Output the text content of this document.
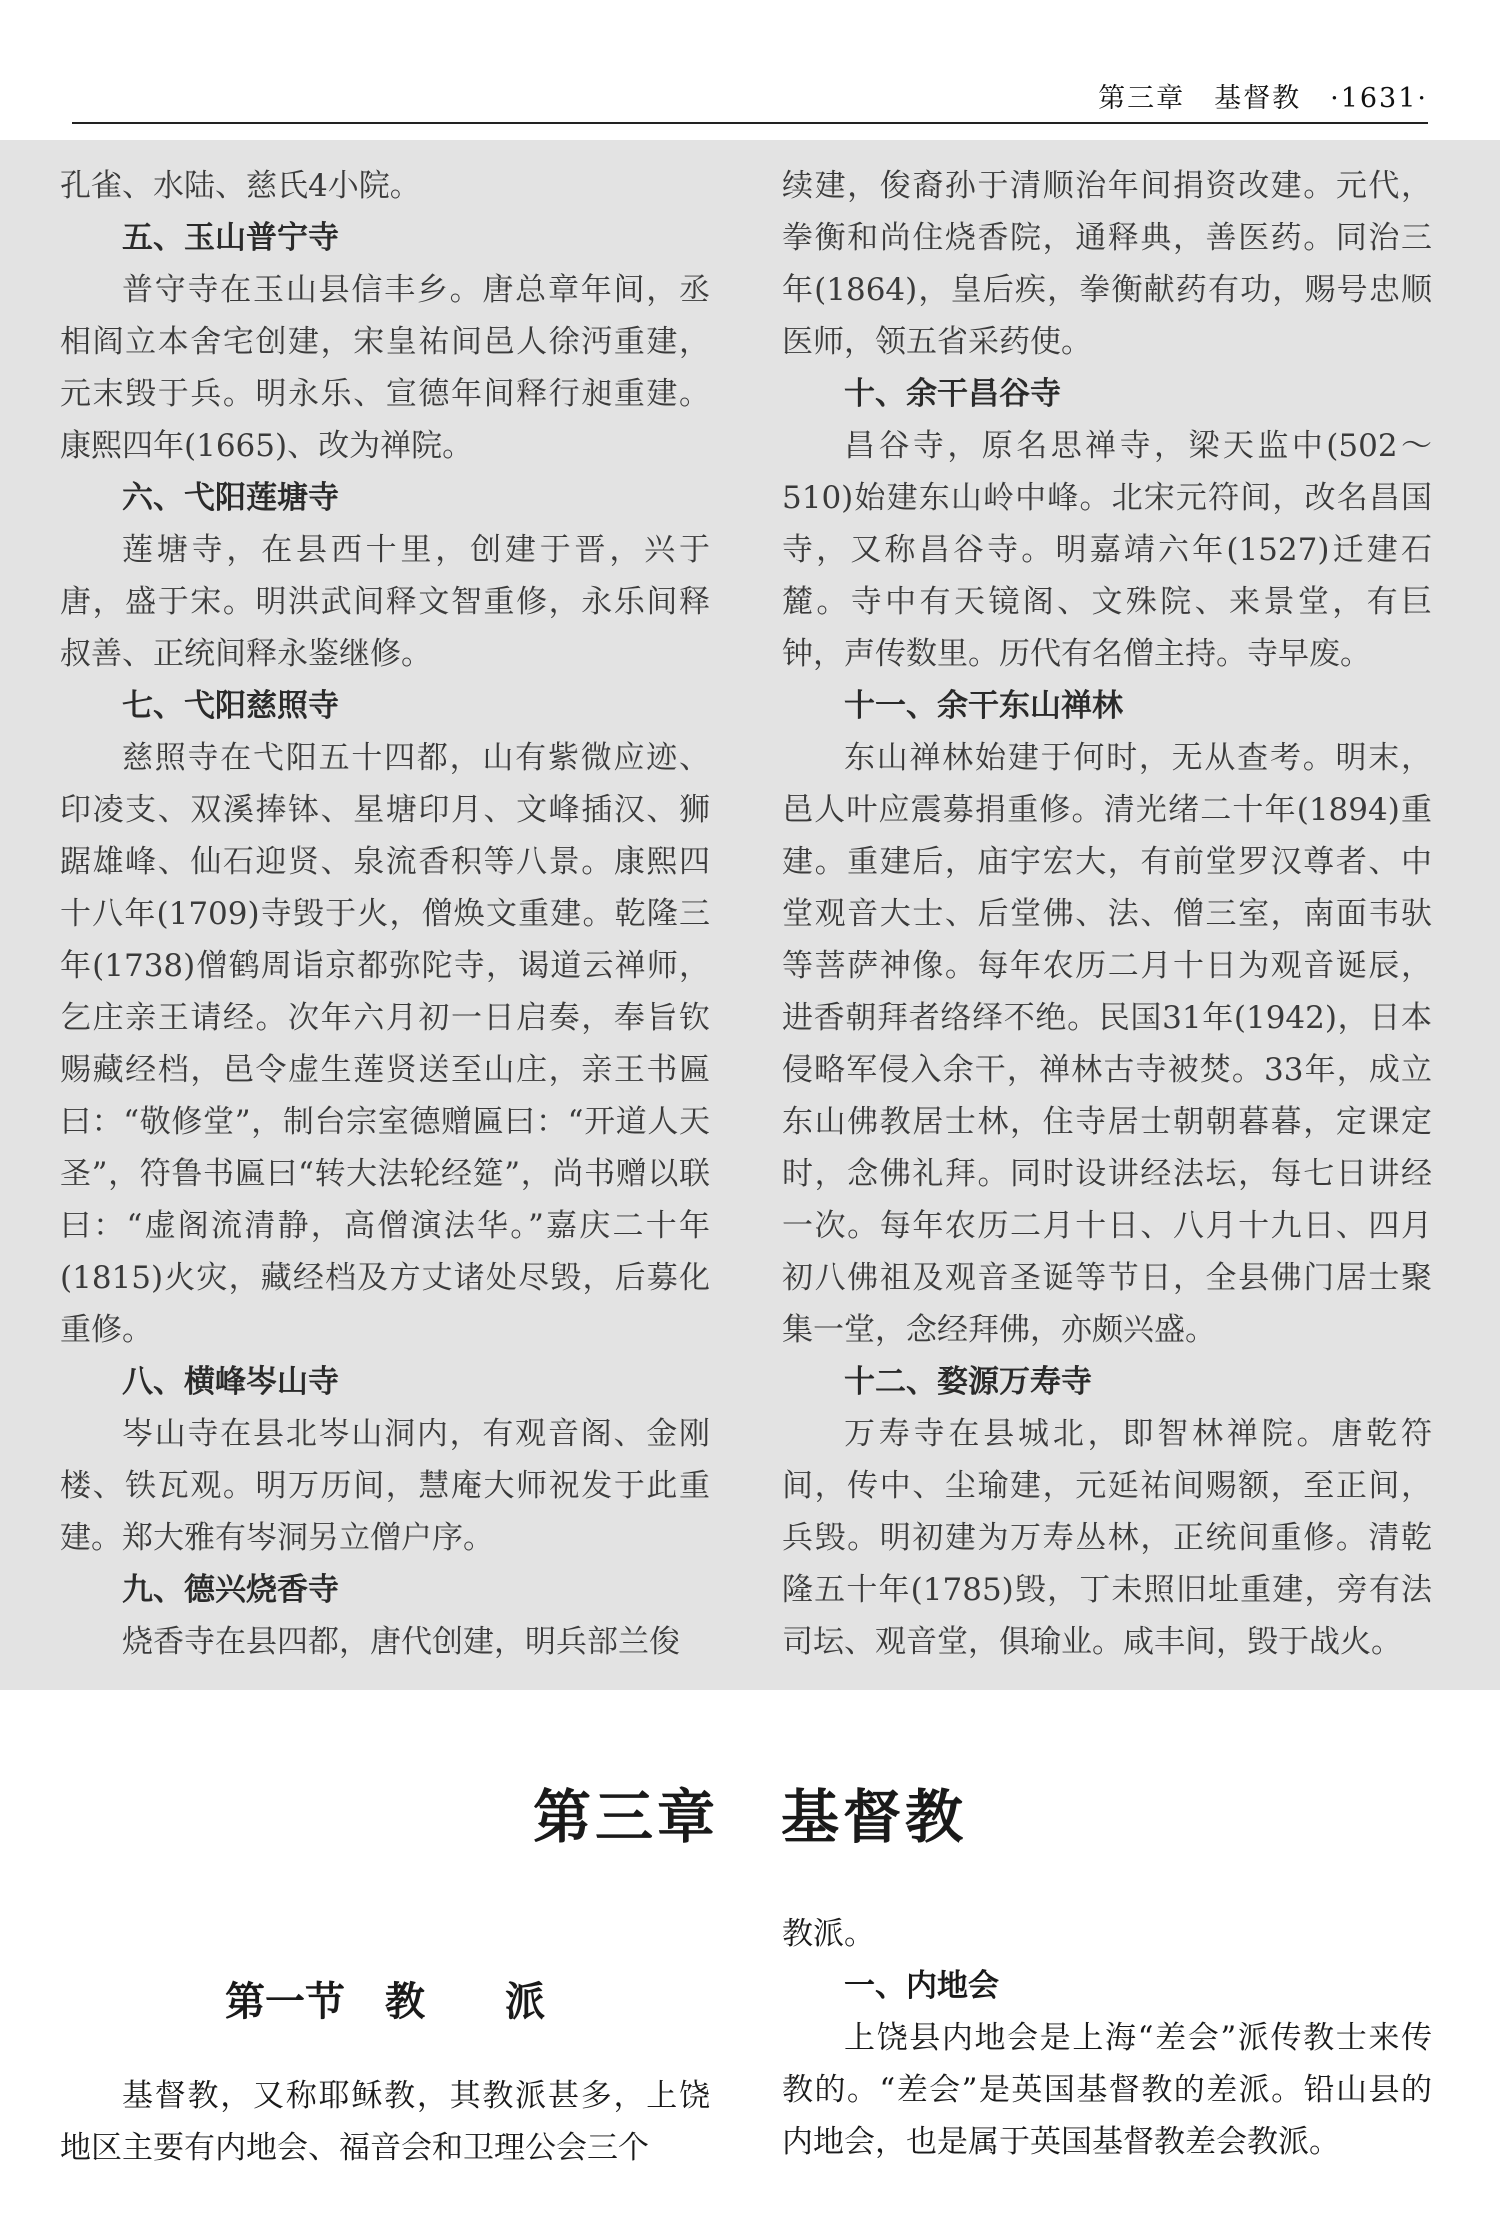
第三章　基督教　·1631·

孔雀、水陆、慈氏4小院。

五、玉山普宁寺

普守寺在玉山县信丰乡。唐总章年间，丞相阎立本舍宅创建，宋皇祐间邑人徐沔重建，元末毁于兵。明永乐、宣德年间释行昶重建。康熙四年(1665)、改为禅院。

六、弋阳莲塘寺

莲塘寺，在县西十里，创建于晋，兴于唐，盛于宋。明洪武间释文智重修，永乐间释叔善、正统间释永鉴继修。

七、弋阳慈照寺

慈照寺在弋阳五十四都，山有紫微应迹、印凌支、双溪捧钵、星塘印月、文峰插汉、狮踞雄峰、仙石迎贤、泉流香积等八景。康熙四十八年(1709)寺毁于火，僧焕文重建。乾隆三年(1738)僧鹤周诣京都弥陀寺，谒道云禅师，乞庄亲王请经。次年六月初一日启奏，奉旨钦赐藏经档，邑令虚生莲贤送至山庄，亲王书匾曰：“敬修堂”，制台宗室德赠匾曰：“开道人天圣”，符鲁书匾曰“转大法轮经筵”，尚书赠以联曰：“虚阁流清静，高僧演法华。”嘉庆二十年(1815)火灾，藏经档及方丈诸处尽毁，后募化重修。

八、横峰岑山寺

岑山寺在县北岑山洞内，有观音阁、金刚楼、铁瓦观。明万历间，慧庵大师祝发于此重建。郑大雅有岑洞另立僧户序。

九、德兴烧香寺

烧香寺在县四都，唐代创建，明兵部兰俊

续建，俊裔孙于清顺治年间捐资改建。元代，拳衡和尚住烧香院，通释典，善医药。同治三年(1864)，皇后疾，拳衡献药有功，赐号忠顺医师，领五省采药使。

十、余干昌谷寺

昌谷寺，原名思禅寺，梁天监中(502～510)始建东山岭中峰。北宋元符间，改名昌国寺，又称昌谷寺。明嘉靖六年(1527)迁建石麓。寺中有天镜阁、文殊院、来景堂，有巨钟，声传数里。历代有名僧主持。寺早废。

十一、余干东山禅林

东山禅林始建于何时，无从查考。明末，邑人叶应震募捐重修。清光绪二十年(1894)重建。重建后，庙宇宏大，有前堂罗汉尊者、中堂观音大士、后堂佛、法、僧三室，南面韦驮等菩萨神像。每年农历二月十日为观音诞辰，进香朝拜者络绎不绝。民国31年(1942)，日本侵略军侵入余干，禅林古寺被焚。33年，成立东山佛教居士林，住寺居士朝朝暮暮，定课定时，念佛礼拜。同时设讲经法坛，每七日讲经一次。每年农历二月十日、八月十九日、四月初八佛祖及观音圣诞等节日，全县佛门居士聚集一堂，念经拜佛，亦颇兴盛。

十二、婺源万寿寺

万寿寺在县城北，即智林禅院。唐乾符间，传中、尘瑜建，元延祐间赐额，至正间，兵毁。明初建为万寿丛林，正统间重修。清乾隆五十年(1785)毁，丁未照旧址重建，旁有法司坛、观音堂，俱瑜业。咸丰间，毁于战火。

第三章　基督教
第一节　教　　派

基督教，又称耶稣教，其教派甚多，上饶地区主要有内地会、福音会和卫理公会三个

教派。

一、内地会

上饶县内地会是上海“差会”派传教士来传教的。“差会”是英国基督教的差派。铅山县的内地会，也是属于英国基督教差会教派。
